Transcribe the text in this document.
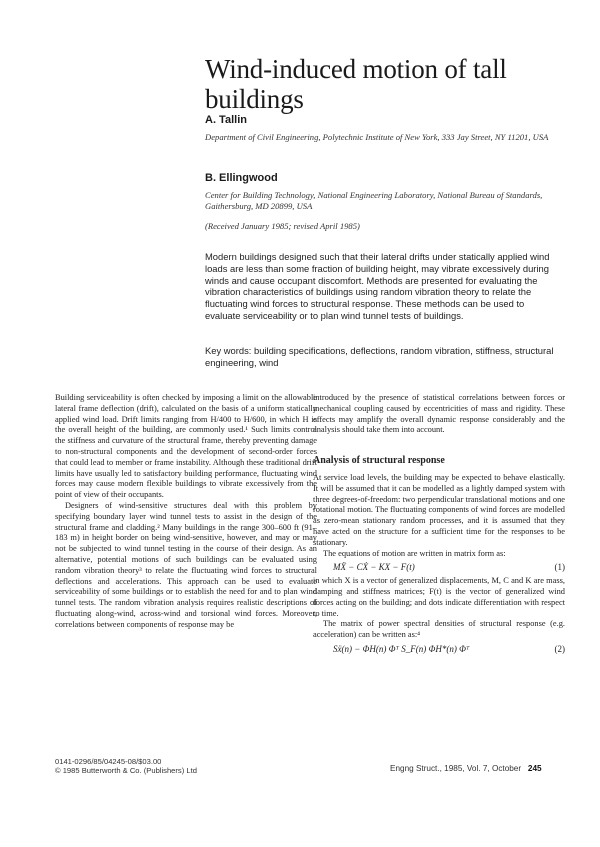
Wind-induced motion of tall buildings
A. Tallin
Department of Civil Engineering, Polytechnic Institute of New York, 333 Jay Street, NY 11201, USA
B. Ellingwood
Center for Building Technology, National Engineering Laboratory, National Bureau of Standards, Gaithersburg, MD 20899, USA
(Received January 1985; revised April 1985)
Modern buildings designed such that their lateral drifts under statically applied wind loads are less than some fraction of building height, may vibrate excessively during winds and cause occupant discomfort. Methods are presented for evaluating the vibration characteristics of buildings using random vibration theory to relate the fluctuating wind forces to structural response. These methods can be used to evaluate serviceability or to plan wind tunnel tests of buildings.
Key words: building specifications, deflections, random vibration, stiffness, structural engineering, wind

Building serviceability is often checked by imposing a limit on the allowable lateral frame deflection (drift), calculated on the basis of a uniform statically applied wind load. Drift limits ranging from H/400 to H/600, in which H is the overall height of the building, are commonly used.¹ Such limits control the stiffness and curvature of the structural frame, thereby preventing damage to non-structural components and the development of second-order forces that could lead to member or frame instability. Although these traditional drift limits have usually led to satisfactory building performance, fluctuating wind forces may cause modern flexible buildings to vibrate excessively from the point of view of their occupants.

Designers of wind-sensitive structures deal with this problem by specifying boundary layer wind tunnel tests to assist in the design of the structural frame and cladding.² Many buildings in the range 300–600 ft (91–183 m) in height border on being wind-sensitive, however, and may or may not be subjected to wind tunnel testing in the course of their design. As an alternative, potential motions of such buildings can be evaluated using random vibration theory³ to relate the fluctuating wind forces to structural deflections and accelerations. This approach can be used to evaluate serviceability of some buildings or to establish the need for and to plan wind tunnel tests. The random vibration analysis requires realistic descriptions of fluctuating along-wind, across-wind and torsional wind forces. Moreover, correlations between components of response may be

introduced by the presence of statistical correlations between forces or mechanical coupling caused by eccentricities of mass and rigidity. These effects may amplify the overall dynamic response considerably and the analysis should take them into account.

Analysis of structural response

At service load levels, the building may be expected to behave elastically. It will be assumed that it can be modelled as a lightly damped system with three degrees-of-freedom: two perpendicular translational motions and one rotational motion. The fluctuating components of wind forces are modelled as zero-mean stationary random processes, and it is assumed that they have acted on the structure for a sufficient time for the responses to be stationary.

The equations of motion are written in matrix form as:

MẌ − CẊ − KX − F(t)	(1)

in which X is a vector of generalized displacements, M, C and K are mass, damping and stiffness matrices; F(t) is the vector of generalized wind forces acting on the building; and dots indicate differentiation with respect to time.

The matrix of power spectral densities of structural response (e.g. acceleration) can be written as:⁴

Sẍ(n) − ΦH(n) Φᵀ S_F(n) ΦH*(n) Φᵀ	(2)
0141-0296/85/04245-08/$03.00
© 1985 Butterworth & Co. (Publishers) Ltd	Engng Struct., 1985, Vol. 7, October 245
